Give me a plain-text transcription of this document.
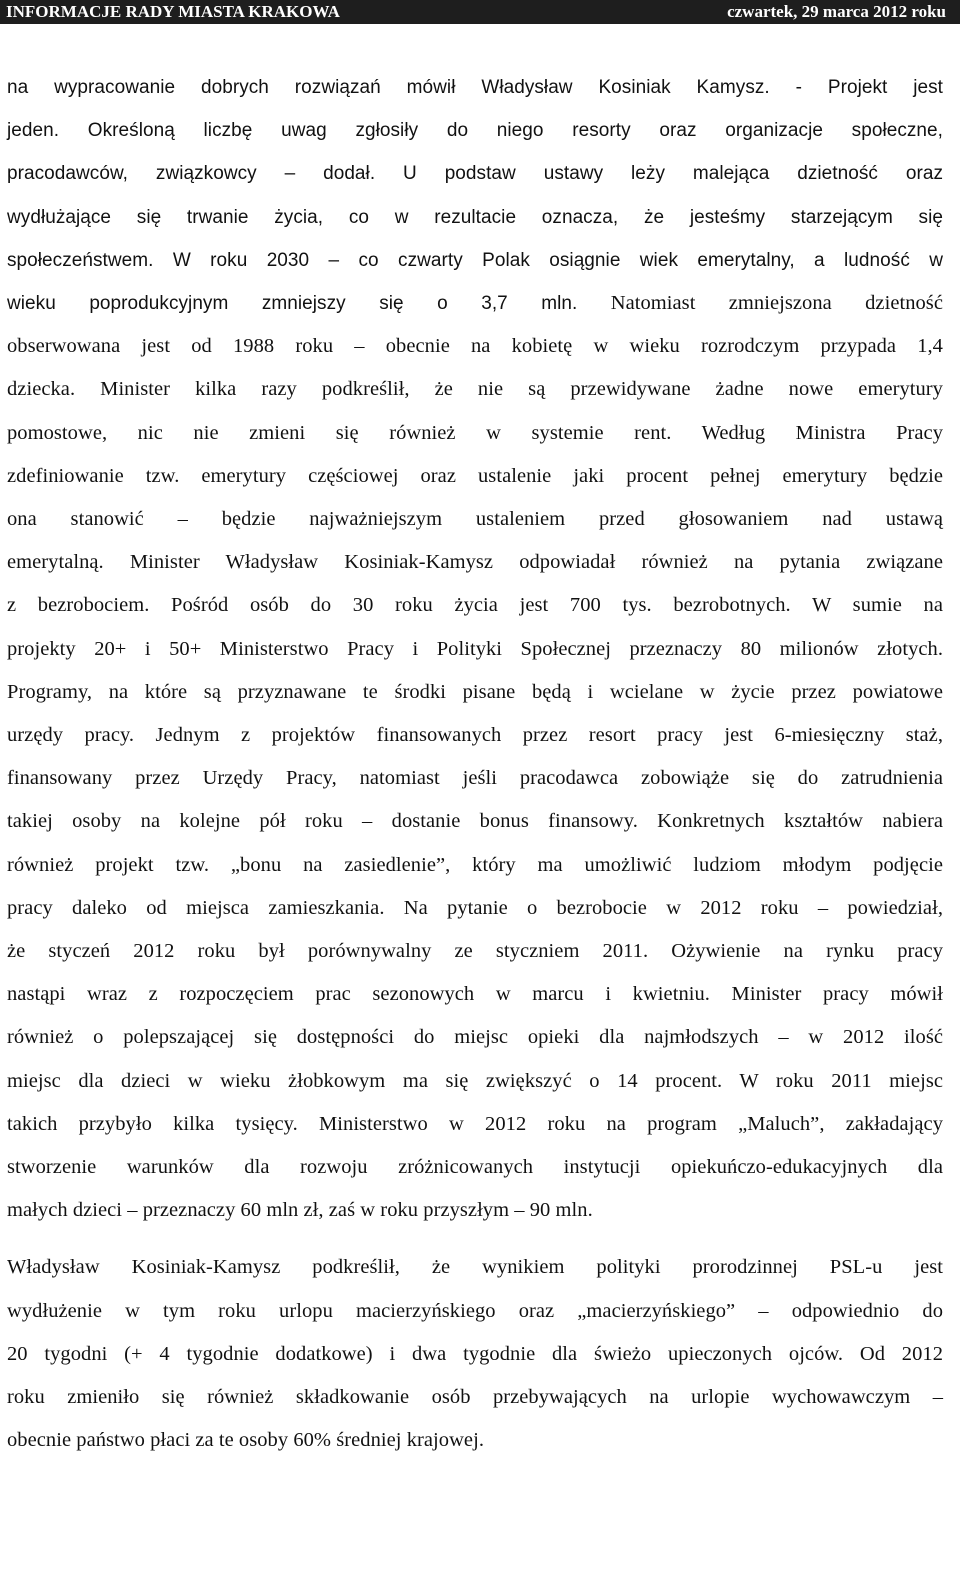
INFORMACJE RADY MIASTA KRAKOWA	czwartek, 29 marca 2012 roku

na wypracowanie dobrych rozwiązań mówił Władysław Kosiniak Kamysz. - Projekt jest
jeden. Określoną liczbę uwag zgłosiły do niego resorty oraz organizacje społeczne,
pracodawców, związkowcy – dodał. U podstaw ustawy leży malejąca dzietność oraz
wydłużające się trwanie życia, co w rezultacie oznacza, że jesteśmy starzejącym się
społeczeństwem. W roku 2030 – co czwarty Polak osiągnie wiek emerytalny, a ludność w
wieku poprodukcyjnym zmniejszy się o 3,7 mln. Natomiast zmniejszona dzietność
obserwowana jest od 1988 roku – obecnie na kobietę w wieku rozrodczym przypada 1,4
dziecka. Minister kilka razy podkreślił, że nie są przewidywane żadne nowe emerytury
pomostowe, nic nie zmieni się również w systemie rent. Według Ministra Pracy
zdefiniowanie tzw. emerytury częściowej oraz ustalenie jaki procent pełnej emerytury będzie
ona stanowić – będzie najważniejszym ustaleniem przed głosowaniem nad ustawą
emerytalną. Minister Władysław Kosiniak-Kamysz odpowiadał również na pytania związane
z bezrobociem. Pośród osób do 30 roku życia jest 700 tys. bezrobotnych. W sumie na
projekty 20+ i 50+ Ministerstwo Pracy i Polityki Społecznej przeznaczy 80 milionów złotych.
Programy, na które są przyznawane te środki pisane będą i wcielane w życie przez powiatowe
urzędy pracy. Jednym z projektów finansowanych przez resort pracy jest 6-miesięczny staż,
finansowany przez Urzędy Pracy, natomiast jeśli pracodawca zobowiąże się do zatrudnienia
takiej osoby na kolejne pół roku – dostanie bonus finansowy. Konkretnych kształtów nabiera
również projekt tzw. „bonu na zasiedlenie”, który ma umożliwić ludziom młodym podjęcie
pracy daleko od miejsca zamieszkania. Na pytanie o bezrobocie w 2012 roku – powiedział,
że styczeń 2012 roku był porównywalny ze styczniem 2011. Ożywienie na rynku pracy
nastąpi wraz z rozpoczęciem prac sezonowych w marcu i kwietniu. Minister pracy mówił
również o polepszającej się dostępności do miejsc opieki dla najmłodszych – w 2012 ilość
miejsc dla dzieci w wieku żłobkowym ma się zwiększyć o 14 procent. W roku 2011 miejsc
takich przybyło kilka tysięcy. Ministerstwo w 2012 roku na program „Maluch”, zakładający
stworzenie warunków dla rozwoju zróżnicowanych instytucji opiekuńczo-edukacyjnych dla
małych dzieci – przeznaczy 60 mln zł, zaś w roku przyszłym – 90 mln.

Władysław Kosiniak-Kamysz podkreślił, że wynikiem polityki prorodzinnej PSL-u jest
wydłużenie w tym roku urlopu macierzyńskiego oraz „macierzyńskiego” – odpowiednio do
20 tygodni (+ 4 tygodnie dodatkowe) i dwa tygodnie dla świeżo upieczonych ojców. Od 2012
roku zmieniło się również składkowanie osób przebywających na urlopie wychowawczym –
obecnie państwo płaci za te osoby 60% średniej krajowej.
